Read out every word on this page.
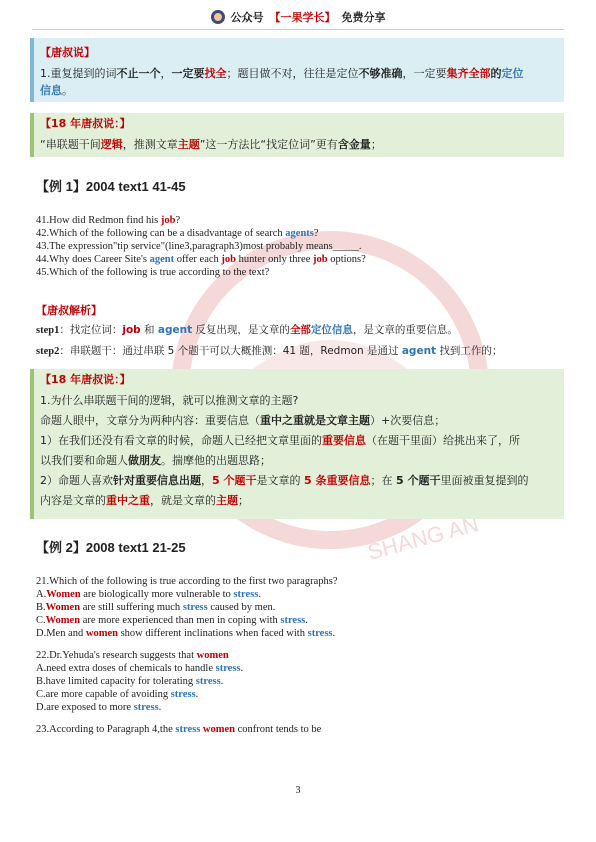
SHANG AN
公众号 【一果学长】 免费分享
【唐叔说】
1.重复提到的词不止一个，一定要找全；题目做不对，往往是定位不够准确，一定要集齐全部的定位
信息。
【18 年唐叔说：】
“串联题干间逻辑，推测文章主题”这一方法比“找定位词”更有含金量；
【例 1】2004 text1 41-45
41.How did Redmon find his job?
42.Which of the following can be a disadvantage of search agents?
43.The expression"tip service"(line3,paragraph3)most probably means_____.
44.Why does Career Site's agent offer each job hunter only three job options?
45.Which of the following is true according to the text?
【唐叔解析】
step1：找定位词：job 和 agent 反复出现，是文章的全部定位信息，是文章的重要信息。
step2：串联题干：通过串联 5 个题干可以大概推测：41 题，Redmon 是通过 agent 找到工作的；
【18 年唐叔说：】
1.为什么串联题干间的逻辑，就可以推测文章的主题?
命题人眼中，文章分为两种内容：重要信息（重中之重就是文章主题）+次要信息；
1）在我们还没有看文章的时候，命题人已经把文章里面的重要信息（在题干里面）给挑出来了，所
以我们要和命题人做朋友。揣摩他的出题思路；
2）命题人喜欢针对重要信息出题，5 个题干是文章的 5 条重要信息；在 5 个题干里面被重复提到的
内容是文章的重中之重，就是文章的主题；
【例 2】2008 text1 21-25
21.Which of the following is true according to the first two paragraphs?
A.Women are biologically more vulnerable to stress.
B.Women are still suffering much stress caused by men.
C.Women are more experienced than men in coping with stress.
D.Men and women show different inclinations when faced with stress.
22.Dr.Yehuda's research suggests that women
A.need extra doses of chemicals to handle stress.
B.have limited capacity for tolerating stress.
C.are more capable of avoiding stress.
D.are exposed to more stress.
23.According to Paragraph 4,the stress women confront tends to be
3
